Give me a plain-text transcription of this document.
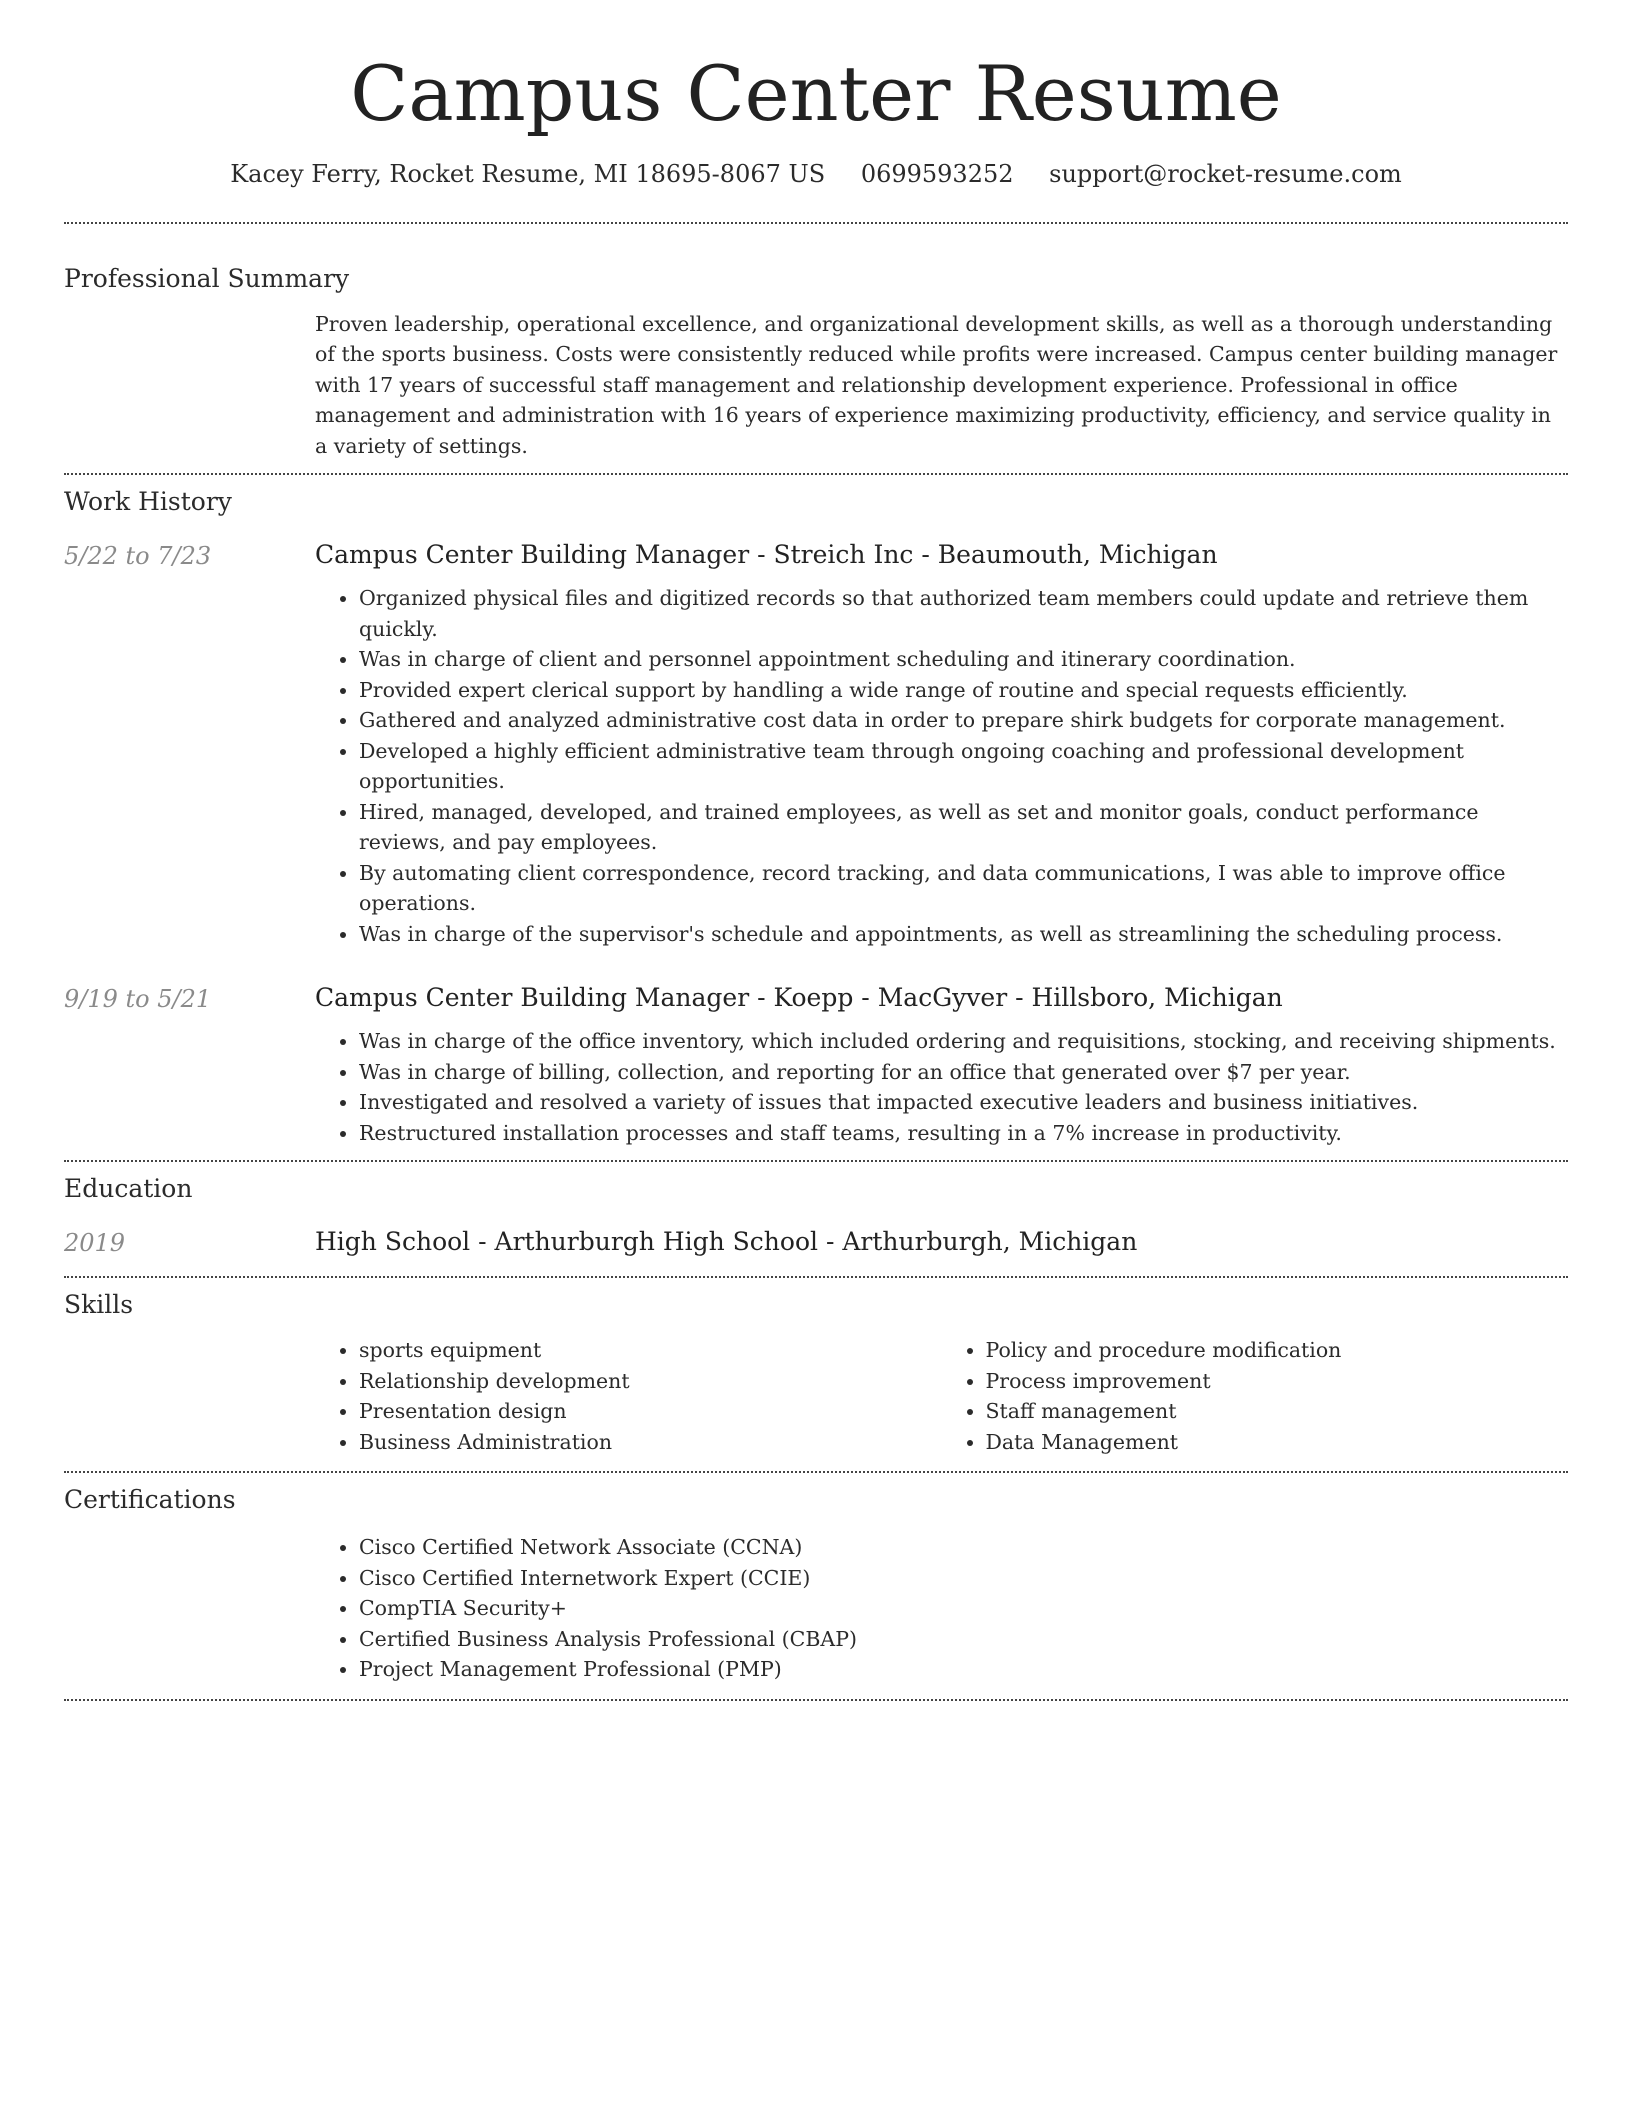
Campus Center Resume
Kacey Ferry, Rocket Resume, MI 18695-8067 US 0699593252 support@rocket-resume.com
Professional Summary

Proven leadership, operational excellence, and organizational development skills, as well as a thorough understanding of the sports business. Costs were consistently reduced while profits were increased. Campus center building manager with 17 years of successful staff management and relationship development experience. Professional in office management and administration with 16 years of experience maximizing productivity, efficiency, and service quality in a variety of settings.

Work History
5/22 to 7/23	Campus Center Building Manager - Streich Inc - Beaumouth, Michigan
• Organized physical files and digitized records so that authorized team members could update and retrieve them quickly.
• Was in charge of client and personnel appointment scheduling and itinerary coordination.
• Provided expert clerical support by handling a wide range of routine and special requests efficiently.
• Gathered and analyzed administrative cost data in order to prepare shirk budgets for corporate management.
• Developed a highly efficient administrative team through ongoing coaching and professional development opportunities.
• Hired, managed, developed, and trained employees, as well as set and monitor goals, conduct performance reviews, and pay employees.
• By automating client correspondence, record tracking, and data communications, I was able to improve office operations.
• Was in charge of the supervisor's schedule and appointments, as well as streamlining the scheduling process.
9/19 to 5/21	Campus Center Building Manager - Koepp - MacGyver - Hillsboro, Michigan
• Was in charge of the office inventory, which included ordering and requisitions, stocking, and receiving shipments.
• Was in charge of billing, collection, and reporting for an office that generated over $7 per year.
• Investigated and resolved a variety of issues that impacted executive leaders and business initiatives.
• Restructured installation processes and staff teams, resulting in a 7% increase in productivity.
Education
2019	High School - Arthurburgh High School - Arthurburgh, Michigan
Skills
• sports equipment
• Relationship development
• Presentation design
• Business Administration
• Policy and procedure modification
• Process improvement
• Staff management
• Data Management
Certifications
• Cisco Certified Network Associate (CCNA)
• Cisco Certified Internetwork Expert (CCIE)
• CompTIA Security+
• Certified Business Analysis Professional (CBAP)
• Project Management Professional (PMP)
